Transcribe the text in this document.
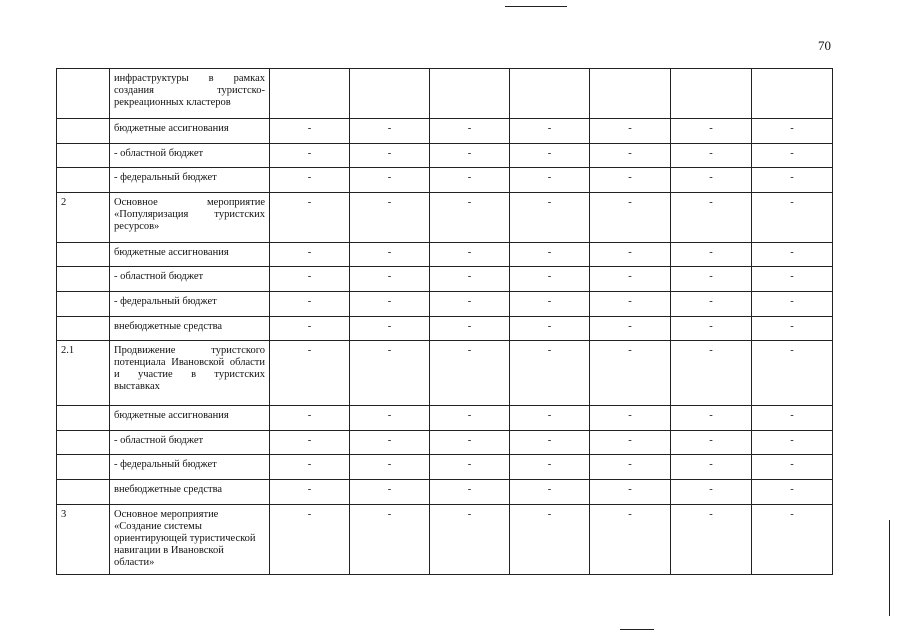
70
	инфраструктуры в рамках создания туристско-рекреационных кластеров							
	бюджетные ассигнования	-	-	-	-	-	-	-
	- областной бюджет	-	-	-	-	-	-	-
	- федеральный бюджет	-	-	-	-	-	-	-
2	Основное мероприятие «Популяризация туристских ресурсов»	-	-	-	-	-	-	-
	бюджетные ассигнования	-	-	-	-	-	-	-
	- областной бюджет	-	-	-	-	-	-	-
	- федеральный бюджет	-	-	-	-	-	-	-
	внебюджетные средства	-	-	-	-	-	-	-
2.1	Продвижение туристского потенциала Ивановской области и участие в туристских выставках	-	-	-	-	-	-	-
	бюджетные ассигнования	-	-	-	-	-	-	-
	- областной бюджет	-	-	-	-	-	-	-
	- федеральный бюджет	-	-	-	-	-	-	-
	внебюджетные средства	-	-	-	-	-	-	-
3	Основное мероприятие «Создание системы ориентирующей туристической навигации в Ивановской области»	-	-	-	-	-	-	-
